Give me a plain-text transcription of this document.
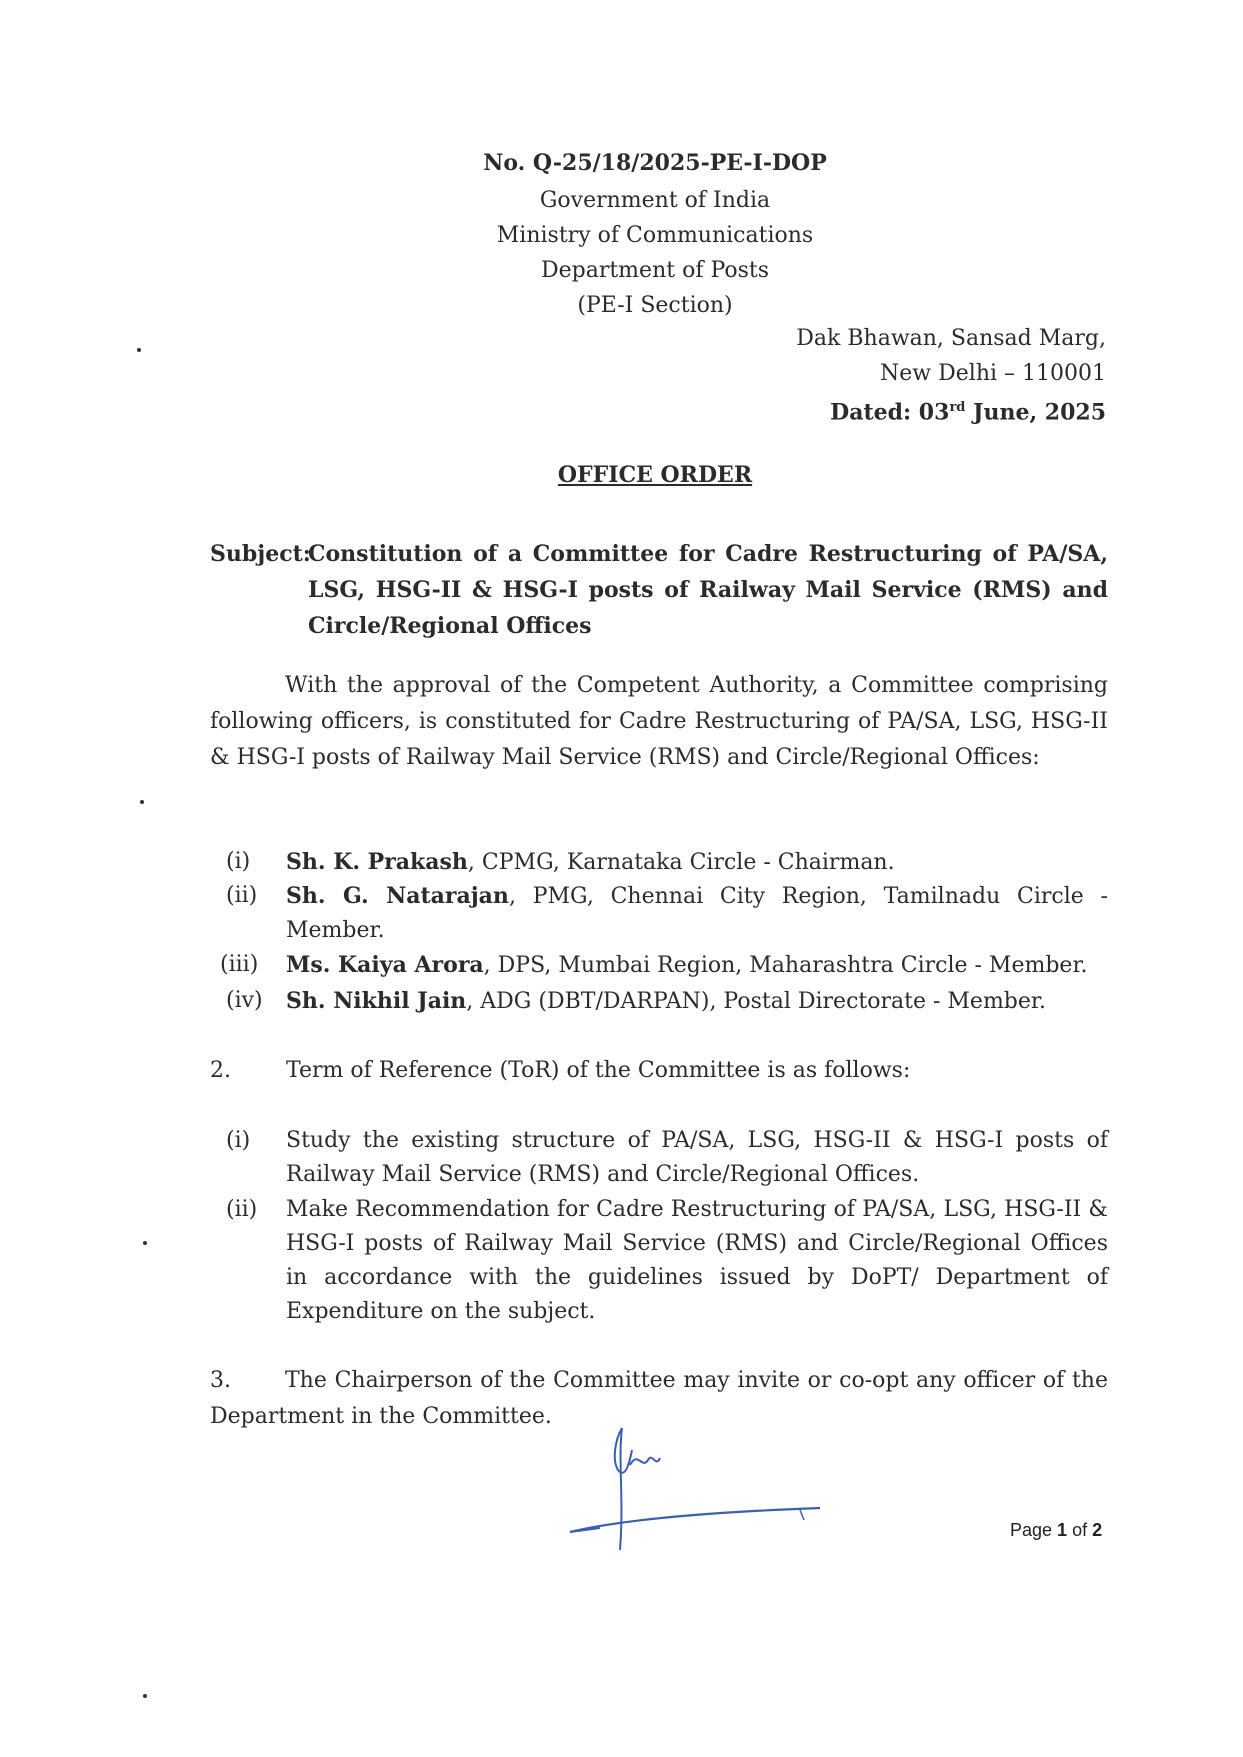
No. Q-25/18/2025-PE-I-DOP
Government of India
Ministry of Communications
Department of Posts
(PE-I Section)
Dak Bhawan, Sansad Marg,
New Delhi – 110001
Dated: 03rd June, 2025
OFFICE ORDER
Subject:
Constitution of a Committee for Cadre Restructuring of PA/SA, LSG, HSG-II & HSG-I posts of Railway Mail Service (RMS) and Circle/Regional Offices
With the approval of the Competent Authority, a Committee comprising following officers, is constituted for Cadre Restructuring of PA/SA, LSG, HSG-II & HSG-I posts of Railway Mail Service (RMS) and Circle/Regional Offices:
(i)	Sh. K. Prakash, CPMG, Karnataka Circle - Chairman.
(ii)	Sh. G. Natarajan, PMG, Chennai City Region, Tamilnadu Circle - Member.
(iii)	Ms. Kaiya Arora, DPS, Mumbai Region, Maharashtra Circle - Member.
(iv)	Sh. Nikhil Jain, ADG (DBT/DARPAN), Postal Directorate - Member.
2.	Term of Reference (ToR) of the Committee is as follows:
(i)	Study the existing structure of PA/SA, LSG, HSG-II & HSG-I posts of Railway Mail Service (RMS) and Circle/Regional Offices.
(ii)	Make Recommendation for Cadre Restructuring of PA/SA, LSG, HSG-II & HSG-I posts of Railway Mail Service (RMS) and Circle/Regional Offices in accordance with the guidelines issued by DoPT/ Department of Expenditure on the subject.
3. The Chairperson of the Committee may invite or co-opt any officer of the Department in the Committee.
Page 1 of 2
